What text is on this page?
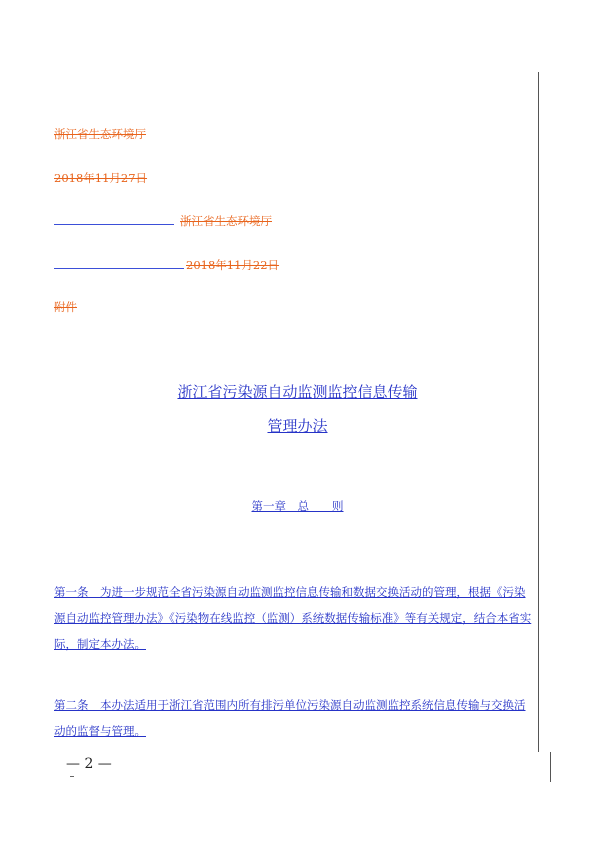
浙江省生态环境厅
2018年11月27日
浙江省生态环境厅
2018年11月22日
附件
浙江省污染源自动监测监控信息传输
管理办法
第一章　总　　则
第一条　为进一步规范全省污染源自动监测监控信息传输和数据交换活动的管理，根据《污染源自动监控管理办法》《污染物在线监控（监测）系统数据传输标准》等有关规定，结合本省实际，制定本办法。
第二条　本办法适用于浙江省范围内所有排污单位污染源自动监测监控系统信息传输与交换活动的监督与管理。
— 2 —
